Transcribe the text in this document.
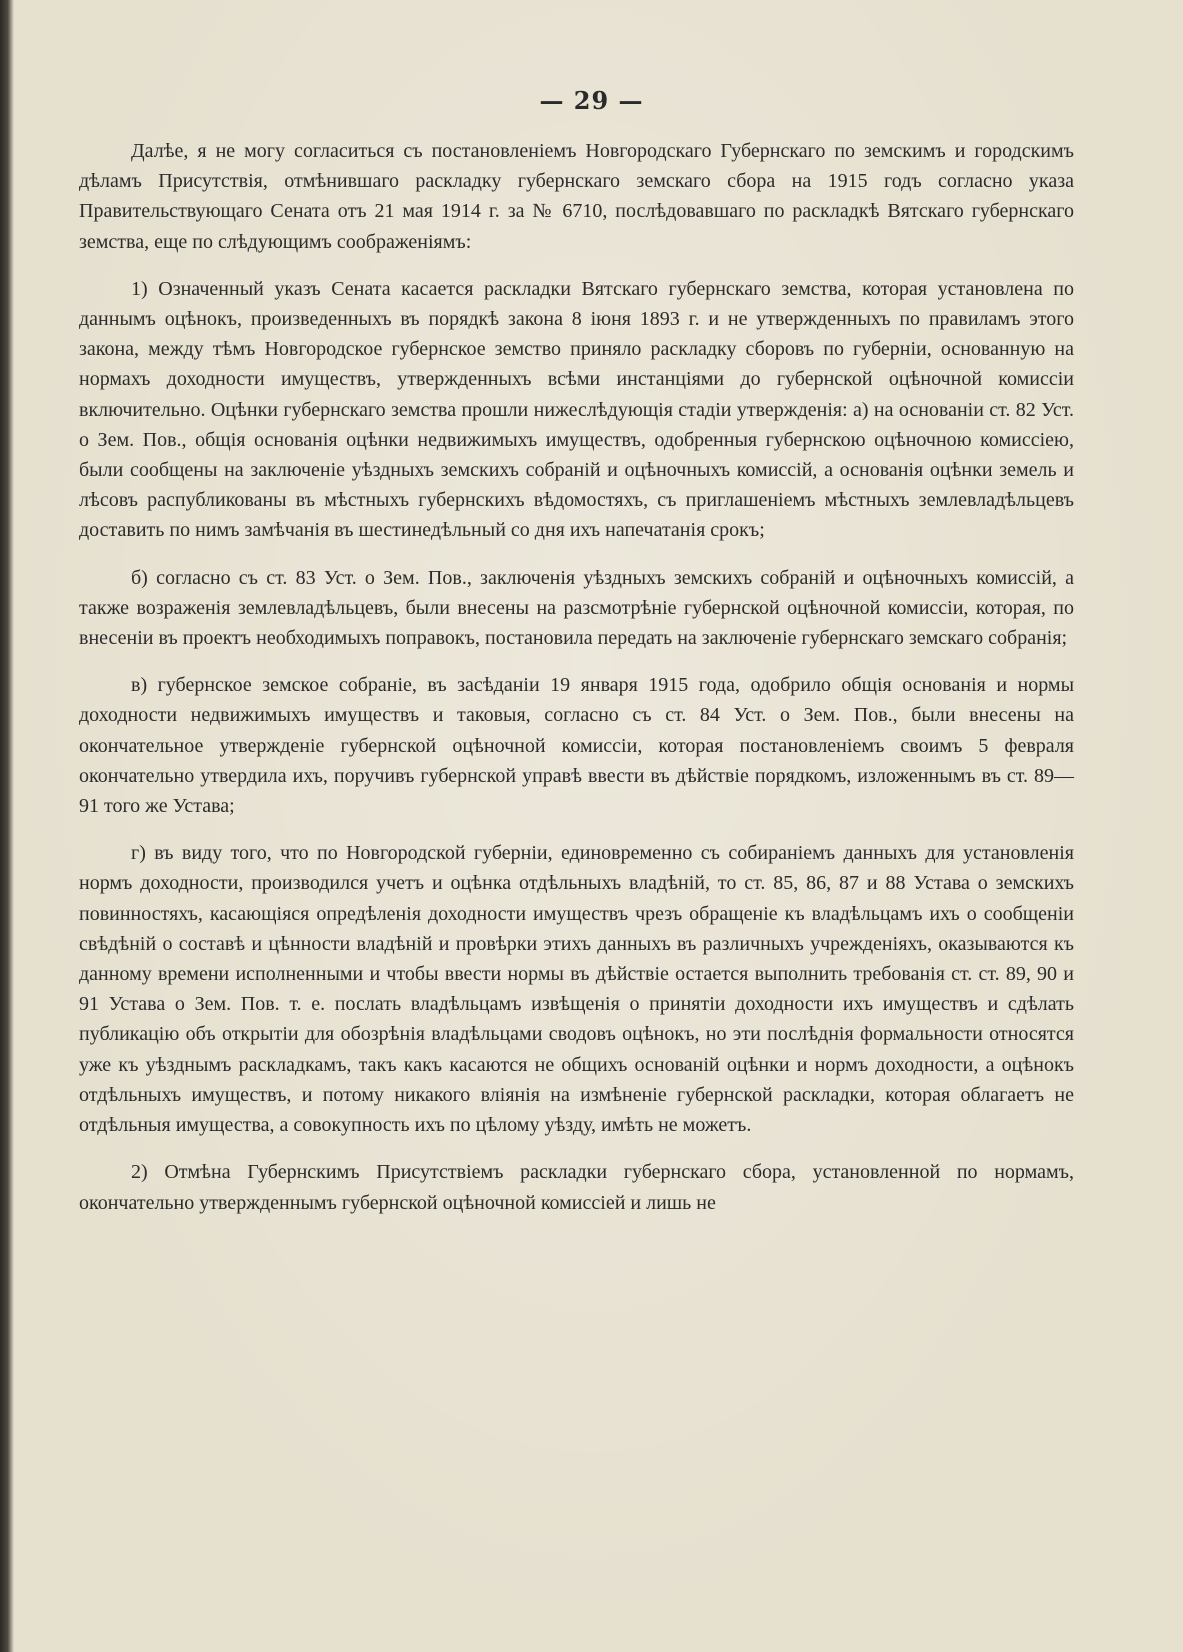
— 29 —

Далѣе, я не могу согласиться съ постановленіемъ Новгородскаго Губернскаго по земскимъ и городскимъ дѣламъ Присутствія, отмѣнившаго раскладку губернскаго земскаго сбора на 1915 годъ согласно указа Правительствующаго Сената отъ 21 мая 1914 г. за № 6710, послѣдовавшаго по раскладкѣ Вятскаго губернскаго земства, еще по слѣдующимъ соображеніямъ:

1) Означенный указъ Сената касается раскладки Вятскаго губернскаго земства, которая установлена по даннымъ оцѣнокъ, произведенныхъ въ порядкѣ закона 8 іюня 1893 г. и не утвержденныхъ по правиламъ этого закона, между тѣмъ Новгородское губернское земство приняло раскладку сборовъ по губерніи, основанную на нормахъ доходности имуществъ, утвержденныхъ всѣми инстанціями до губернской оцѣночной комиссіи включительно. Оцѣнки губернскаго земства прошли нижеслѣдующія стадіи утвержденія: а) на основаніи ст. 82 Уст. о Зем. Пов., общія основанія оцѣнки недвижимыхъ имуществъ, одобренныя губернскою оцѣночною комиссіею, были сообщены на заключеніе уѣздныхъ земскихъ собраній и оцѣночныхъ комиссій, а основанія оцѣнки земель и лѣсовъ распубликованы въ мѣстныхъ губернскихъ вѣдомостяхъ, съ приглашеніемъ мѣстныхъ землевладѣльцевъ доставить по нимъ замѣчанія въ шестинедѣльный со дня ихъ напечатанія срокъ;

б) согласно съ ст. 83 Уст. о Зем. Пов., заключенія уѣздныхъ земскихъ собраній и оцѣночныхъ комиссій, а также возраженія землевладѣльцевъ, были внесены на разсмотрѣніе губернской оцѣночной комиссіи, которая, по внесеніи въ проектъ необходимыхъ поправокъ, постановила передать на заключеніе губернскаго земскаго собранія;

в) губернское земское собраніе, въ засѣданіи 19 января 1915 года, одобрило общія основанія и нормы доходности недвижимыхъ имуществъ и таковыя, согласно съ ст. 84 Уст. о Зем. Пов., были внесены на окончательное утвержденіе губернской оцѣночной комиссіи, которая постановленіемъ своимъ 5 февраля окончательно утвердила ихъ, поручивъ губернской управѣ ввести въ дѣйствіе порядкомъ, изложеннымъ въ ст. 89—91 того же Устава;

г) въ виду того, что по Новгородской губерніи, единовременно съ собираніемъ данныхъ для установленія нормъ доходности, производился учетъ и оцѣнка отдѣльныхъ владѣній, то ст. 85, 86, 87 и 88 Устава о земскихъ повинностяхъ, касающіяся опредѣленія доходности имуществъ чрезъ обращеніе къ владѣльцамъ ихъ о сообщеніи свѣдѣній о составѣ и цѣнности владѣній и провѣрки этихъ данныхъ въ различныхъ учрежденіяхъ, оказываются къ данному времени исполненными и чтобы ввести нормы въ дѣйствіе остается выполнить требованія ст. ст. 89, 90 и 91 Устава о Зем. Пов. т. е. послать владѣльцамъ извѣщенія о принятіи доходности ихъ имуществъ и сдѣлать публикацію объ открытіи для обозрѣнія владѣльцами сводовъ оцѣнокъ, но эти послѣднія формальности относятся уже къ уѣзднымъ раскладкамъ, такъ какъ касаются не общихъ основаній оцѣнки и нормъ доходности, а оцѣнокъ отдѣльныхъ имуществъ, и потому никакого вліянія на измѣненіе губернской раскладки, которая облагаетъ не отдѣльныя имущества, а совокупность ихъ по цѣлому уѣзду, имѣть не можетъ.

2) Отмѣна Губернскимъ Присутствіемъ раскладки губернскаго сбора, установленной по нормамъ, окончательно утвержденнымъ губернской оцѣночной комиссіей и лишь не
